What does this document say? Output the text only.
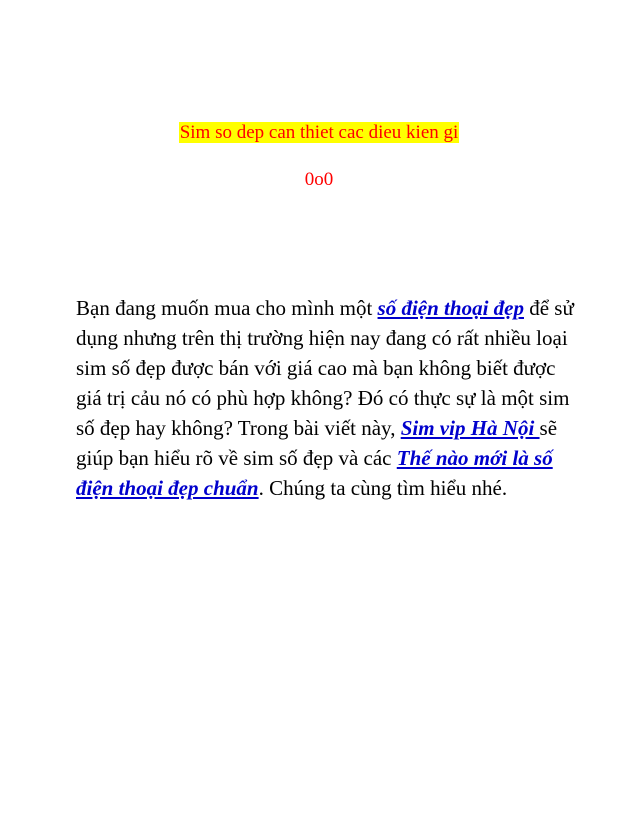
Sim so dep can thiet cac dieu kien gi
0o0
Bạn đang muốn mua cho mình một số điện thoại đẹp để sử dụng nhưng trên thị trường hiện nay đang có rất nhiều loại sim số đẹp được bán với giá cao mà bạn không biết được giá trị cảu nó có phù hợp không? Đó có thực sự là một sim số đẹp hay không? Trong bài viết này, Sim vip Hà Nội sẽ giúp bạn hiểu rõ về sim số đẹp và các Thế nào mới là số điện thoại đẹp chuẩn. Chúng ta cùng tìm hiểu nhé.
